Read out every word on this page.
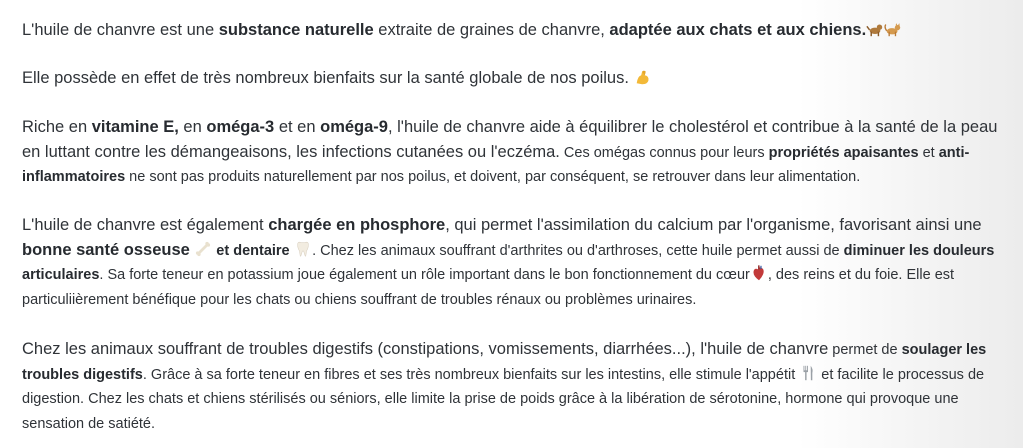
L'huile de chanvre est une substance naturelle extraite de graines de chanvre, adaptée aux chats et aux chiens.

Elle possède en effet de très nombreux bienfaits sur la santé globale de nos poilus.

Riche en vitamine E, en oméga-3 et en oméga-9, l'huile de chanvre aide à équilibrer le cholestérol et contribue à la santé de la peau en luttant contre les démangeaisons, les infections cutanées ou l'eczéma. Ces omégas connus pour leurs propriétés apaisantes et anti-inflammatoires ne sont pas produits naturellement par nos poilus, et doivent, par conséquent, se retrouver dans leur alimentation.

L'huile de chanvre est également chargée en phosphore, qui permet l'assimilation du calcium par l'organisme, favorisant ainsi une bonne santé osseuse  et dentaire . Chez les animaux souffrant d'arthrites ou d'arthroses, cette huile permet aussi de diminuer les douleurs articulaires. Sa forte teneur en potassium joue également un rôle important dans le bon fonctionnement du cœur , des reins et du foie. Elle est particuliièrement bénéfique pour les chats ou chiens souffrant de troubles rénaux ou problèmes urinaires.

Chez les animaux souffrant de troubles digestifs (constipations, vomissements, diarrhées...), l'huile de chanvre permet de soulager les troubles digestifs. Grâce à sa forte teneur en fibres et ses très nombreux bienfaits sur les intestins, elle stimule l'appétit  et facilite le processus de digestion. Chez les chats et chiens stérilisés ou séniors, elle limite la prise de poids grâce à la libération de sérotonine, hormone qui provoque une sensation de satiété.
